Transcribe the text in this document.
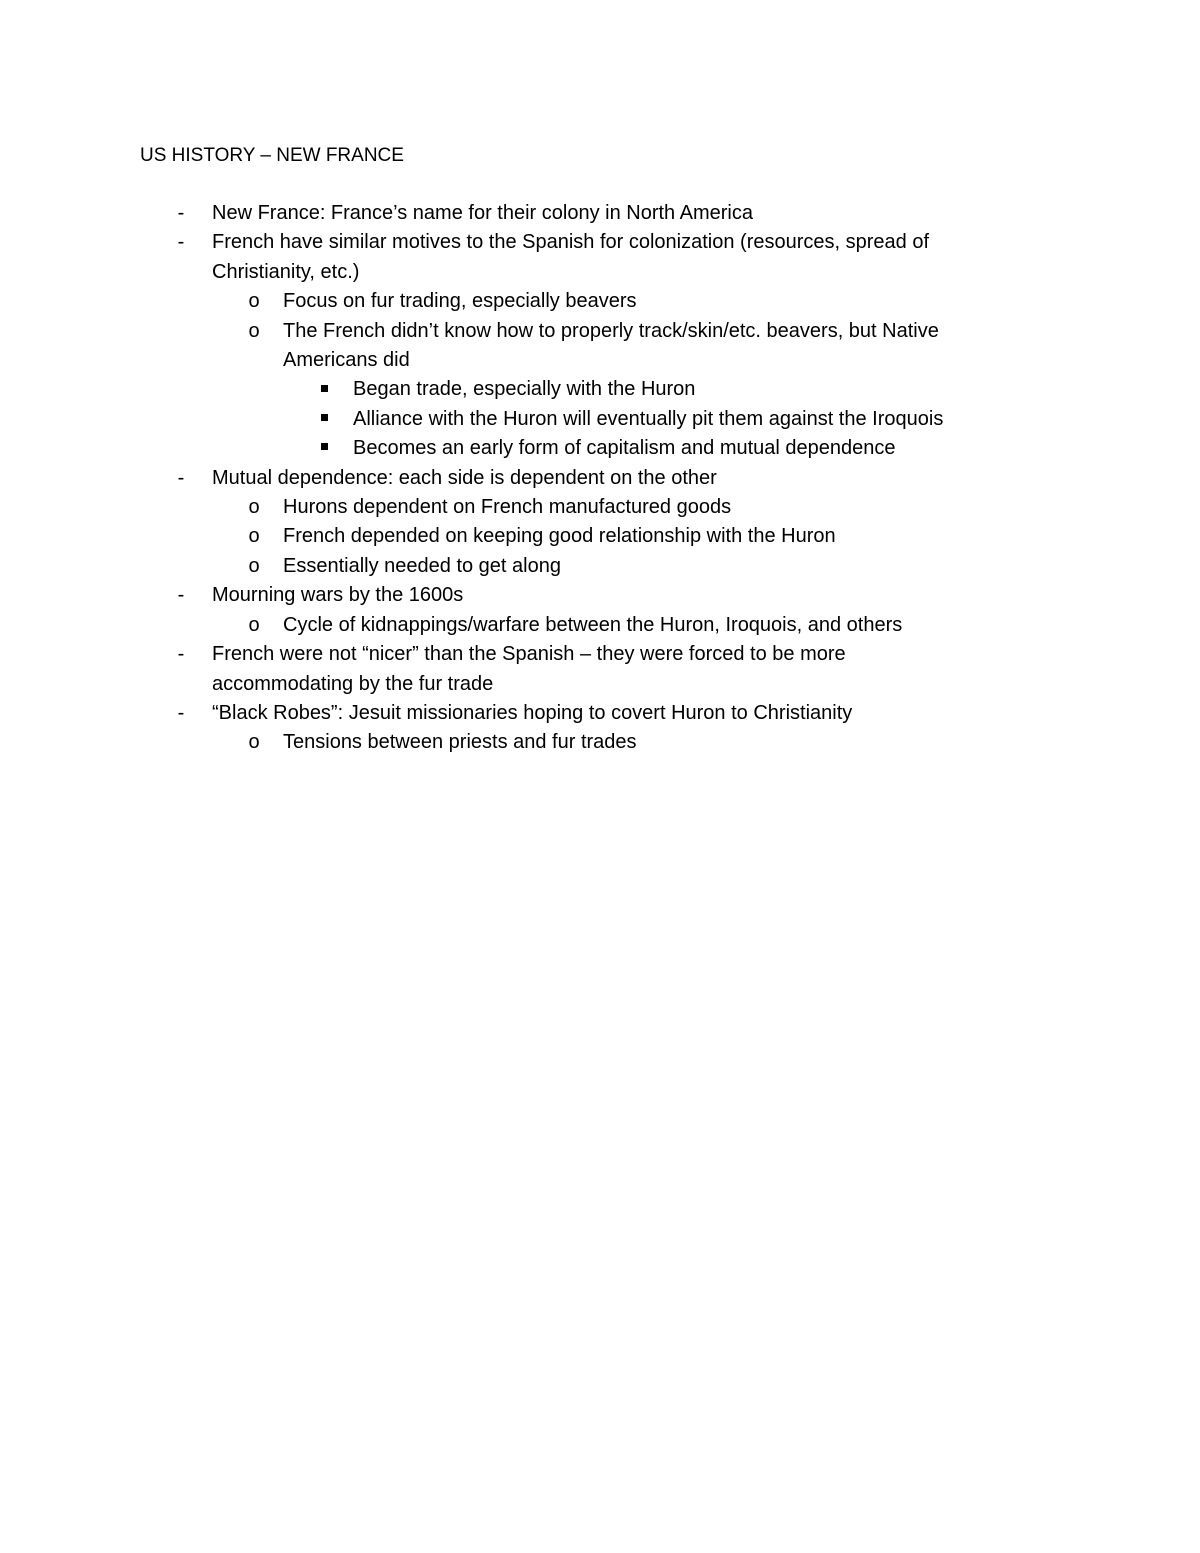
US HISTORY – NEW FRANCE
- New France: France’s name for their colony in North America
- French have similar motives to the Spanish for colonization (resources, spread of
Christianity, etc.)
o Focus on fur trading, especially beavers
o The French didn’t know how to properly track/skin/etc. beavers, but Native
Americans did
Began trade, especially with the Huron
Alliance with the Huron will eventually pit them against the Iroquois
Becomes an early form of capitalism and mutual dependence
- Mutual dependence: each side is dependent on the other
o Hurons dependent on French manufactured goods
o French depended on keeping good relationship with the Huron
o Essentially needed to get along
- Mourning wars by the 1600s
o Cycle of kidnappings/warfare between the Huron, Iroquois, and others
- French were not “nicer” than the Spanish – they were forced to be more
accommodating by the fur trade
- “Black Robes”: Jesuit missionaries hoping to covert Huron to Christianity
o Tensions between priests and fur trades
